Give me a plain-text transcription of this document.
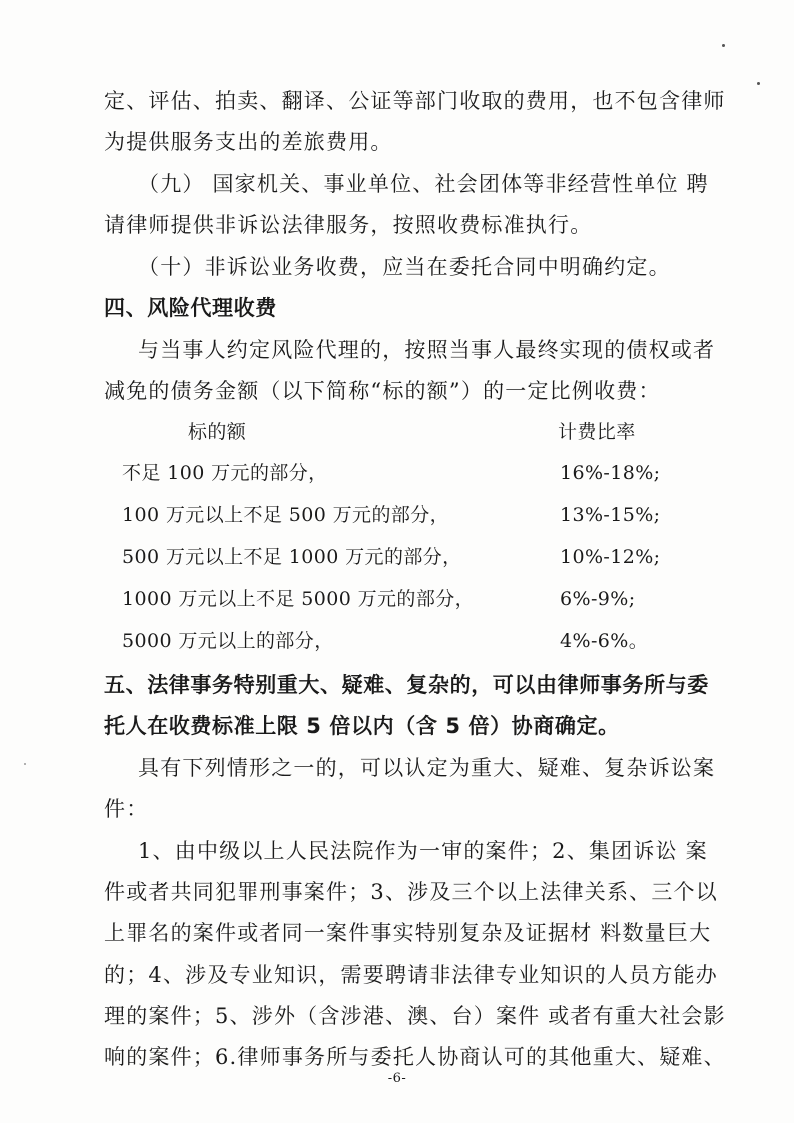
定、评估、拍卖、翻译、公证等部门收取的费用，也不包含律师
为提供服务支出的差旅费用。
（九） 国家机关、事业单位、社会团体等非经营性单位 聘
请律师提供非诉讼法律服务，按照收费标准执行。
（十）非诉讼业务收费，应当在委托合同中明确约定。
四、风险代理收费
与当事人约定风险代理的，按照当事人最终实现的债权或者
减免的债务金额（以下简称“标的额”）的一定比例收费：
标的额	计费比率
不足 100 万元的部分，	16%-18%;
100 万元以上不足 500 万元的部分，	13%-15%;
500 万元以上不足 1000 万元的部分，	10%-12%;
1000 万元以上不足 5000 万元的部分，	6%-9%;
5000 万元以上的部分，	4%-6%。
五、法律事务特别重大、疑难、复杂的，可以由律师事务所与委
托人在收费标准上限 5 倍以内（含 5 倍）协商确定。
具有下列情形之一的，可以认定为重大、疑难、复杂诉讼案
件：
1、由中级以上人民法院作为一审的案件；2、集团诉讼 案
件或者共同犯罪刑事案件；3、涉及三个以上法律关系、三个以
上罪名的案件或者同一案件事实特别复杂及证据材 料数量巨大
的；4、涉及专业知识，需要聘请非法律专业知识的人员方能办
理的案件；5、涉外（含涉港、澳、台）案件 或者有重大社会影
响的案件；6.律师事务所与委托人协商认可的其他重大、疑难、
-6-
